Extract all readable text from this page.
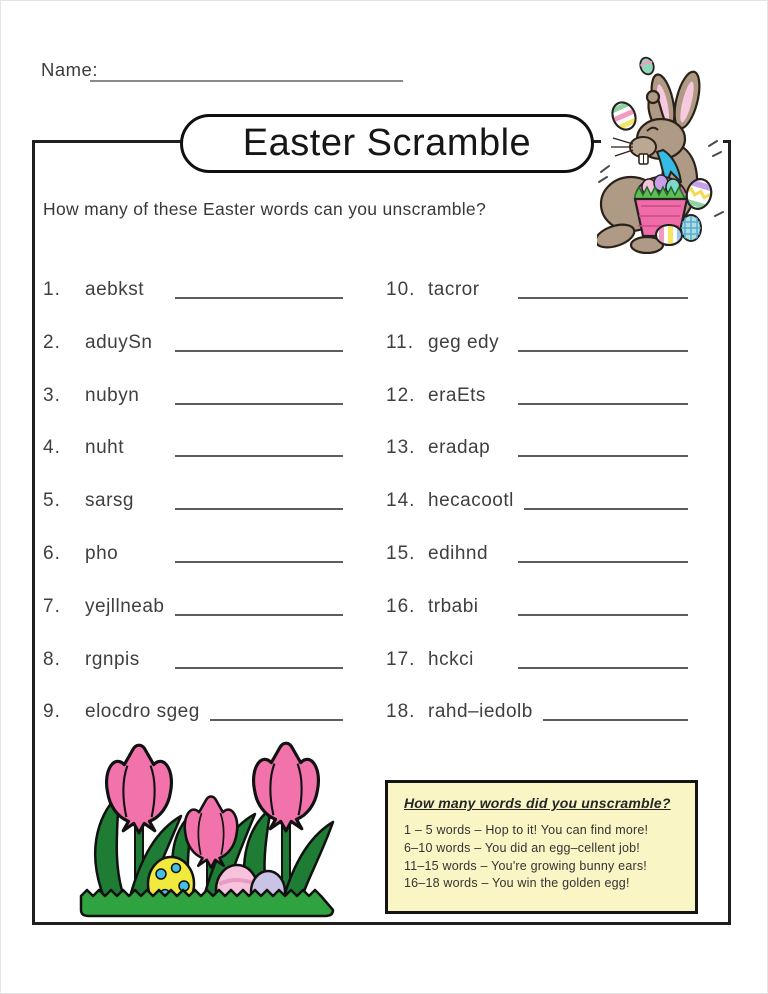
Name:
Easter Scramble
How many of these Easter words can you unscramble?
1.	aebkst
2.	aduySn
3.	nubyn
4.	nuht
5.	sarsg
6.	pho
7.	yejllneab
8.	rgnpis
9.	elocdro sgeg
10. tacror
11. geg edy
12. eraEts
13. eradap
14. hecacootl
15. edihnd
16. trbabi
17. hckci
18. rahd–iedolb
How many words did you unscramble?
1 – 5 words – Hop to it! You can find more!
6–10 words – You did an egg–cellent job!
11–15 words – You're growing bunny ears!
16–18 words – You win the golden egg!
